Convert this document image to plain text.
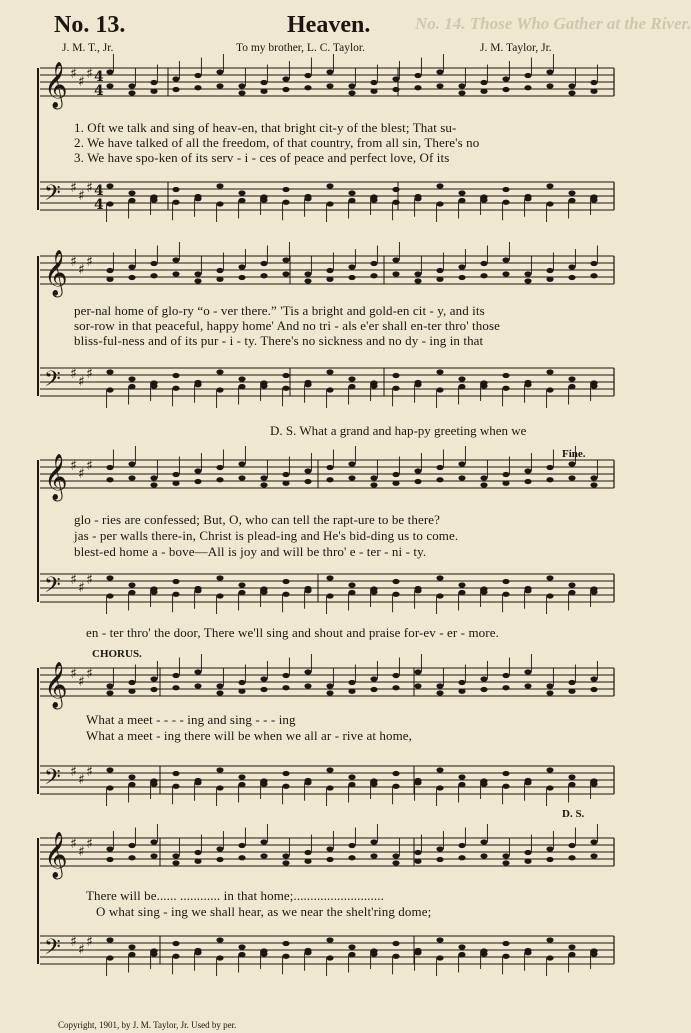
No. 14. Those Who Gather at the River.
No. 13.	Heaven.
J. M. T., Jr.	To my brother, L. C. Taylor.	J. M. Taylor, Jr.
♯ ♯ ♯
𝄞
♯ ♯ ♯
𝄢
♯ ♯ ♯
𝄞
♯ ♯ ♯
𝄢
♯ ♯ ♯
𝄞
♯ ♯ ♯
𝄢
♯ ♯ ♯
𝄞
♯ ♯ ♯
𝄢
♯ ♯ ♯
𝄞
♯ ♯ ♯
𝄢
4
4
4
4
1. Oft we talk and sing of heav-en, that bright cit-y of the blest; That su-
2. We have talked of all the freedom, of that country, from all sin, There's no
3. We have spo-ken of its serv - i - ces of peace and perfect love, Of its
per-nal home of glo-ry “o - ver there.” 'Tis a bright and gold-en cit - y, and its
sor-row in that peaceful, happy home' And no tri - als e'er shall en-ter thro' those
bliss-ful-ness and of its pur - i - ty. There's no sickness and no dy - ing in that
D. S. What a grand and hap-py greeting when we
Fine.
glo - ries are confessed; But, O, who can tell the rapt-ure to be there?
jas - per walls there-in, Christ is plead-ing and He's bid-ding us to come.
blest-ed home a - bove—All is joy and will be thro' e - ter - ni - ty.
en - ter thro' the door, There we'll sing and shout and praise for-ev - er - more.
CHORUS.
What a meet - - - - ing and sing - - - ing
What a meet - ing there will be when we all ar - rive at home,
D. S.
There will be...... ............ in that home;...........................
O what sing - ing we shall hear, as we near the shelt'ring dome;
Copyright, 1901, by J. M. Taylor, Jr. Used by per.
